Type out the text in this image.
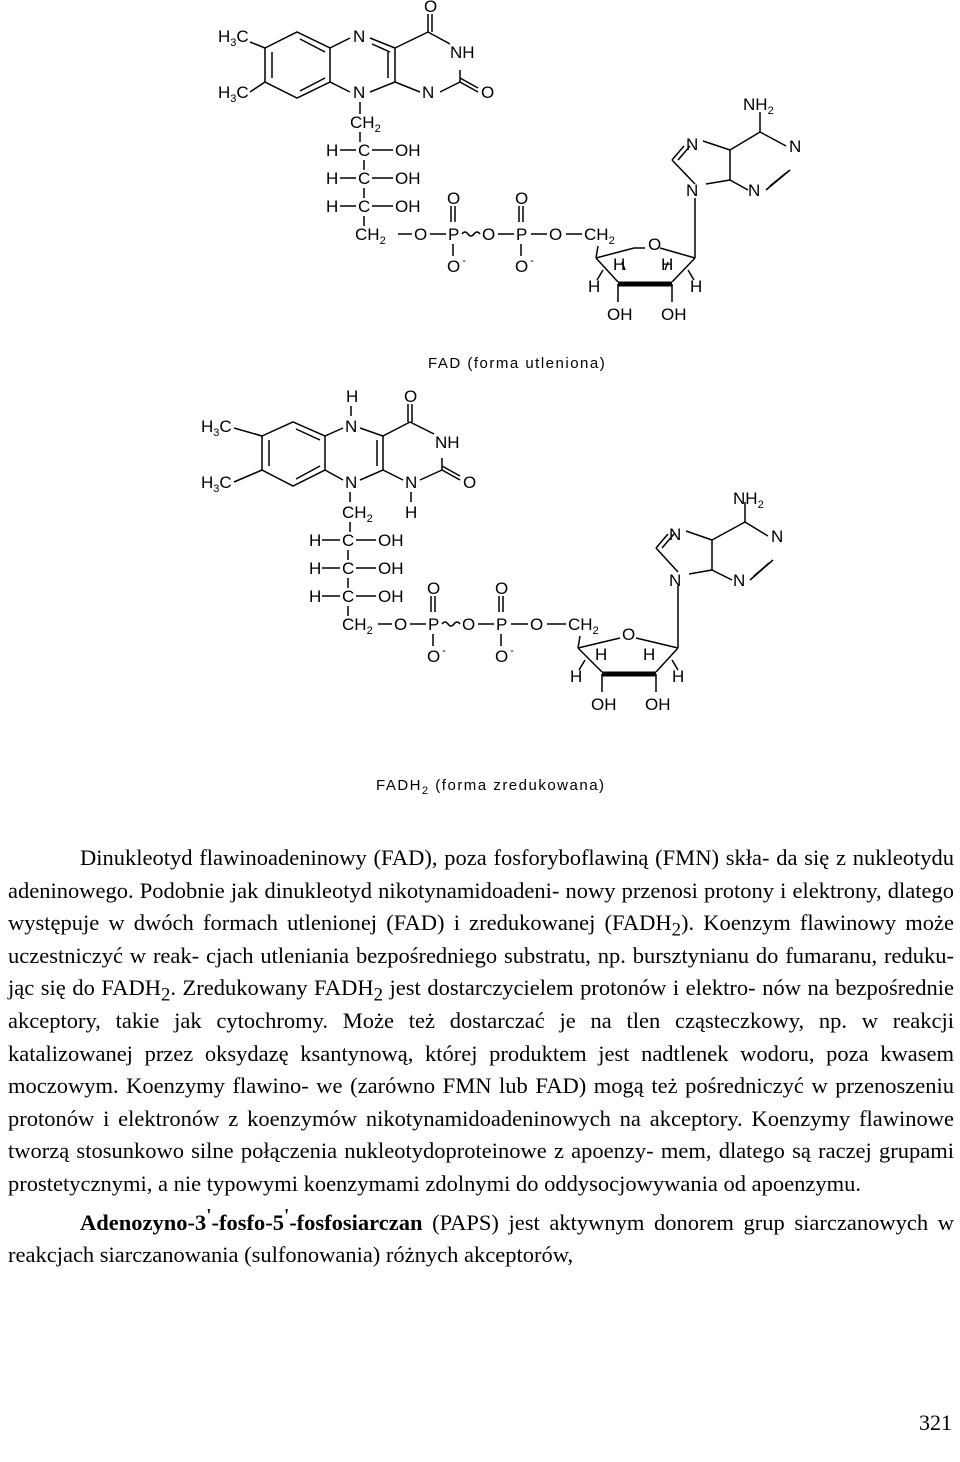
$H_3C$
$H_3C$
N
N
O
NH
N	O
$CH_2$
H C OH
H C OH
H C OH
$CH_2$ O P
O
O -
O P
O
O -
O $CH_2$ O
H H
H	H
OH OH
N
N
N
N
$NH_2$
FAD (forma utleniona)
H
$H_3C$
$H_3C$
N
N
O
NH
N	O
H
$CH_2$
H C OH
H C OH
H C OH
$CH_2$ O P
O
O -
O P
O
O -
O $CH_2$ O
H H
H	H
OH OH
N
N
N
N
$NH_2$
$FADH_2$ (forma zredukowana)

Dinukleotyd flawinoadeninowy (FAD), poza fosforyboflawiną (FMN) skła- da się z nukleotydu adeninowego. Podobnie jak dinukleotyd nikotynamidoadeni- nowy przenosi protony i elektrony, dlatego występuje w dwóch formach utlenionej (FAD) i zredukowanej $(FADH_2)$. Koenzym flawinowy może uczestniczyć w reak- cjach utleniania bezpośredniego substratu, np. bursztynianu do fumaranu, reduku- jąc się do $FADH_2$. Zredukowany $FADH_2$ jest dostarczycielem protonów i elektro- nów na bezpośrednie akceptory, takie jak cytochromy. Może też dostarczać je na tlen cząsteczkowy, np. w reakcji katalizowanej przez oksydazę ksantynową, której produktem jest nadtlenek wodoru, poza kwasem moczowym. Koenzymy flawino- we (zarówno FMN lub FAD) mogą też pośredniczyć w przenoszeniu protonów i elektronów z koenzymów nikotynamidoadeninowych na akceptory. Koenzymy flawinowe tworzą stosunkowo silne połączenia nukleotydoproteinowe z apoenzy- mem, dlatego są raczej grupami prostetycznymi, a nie typowymi koenzymami zdolnymi do oddysocjowywania od apoenzymu.

Adenozyno-3'-fosfo-5'-fosfosiarczan (PAPS) jest aktywnym donorem grup siarczanowych w reakcjach siarczanowania (sulfonowania) różnych akceptorów,

321
